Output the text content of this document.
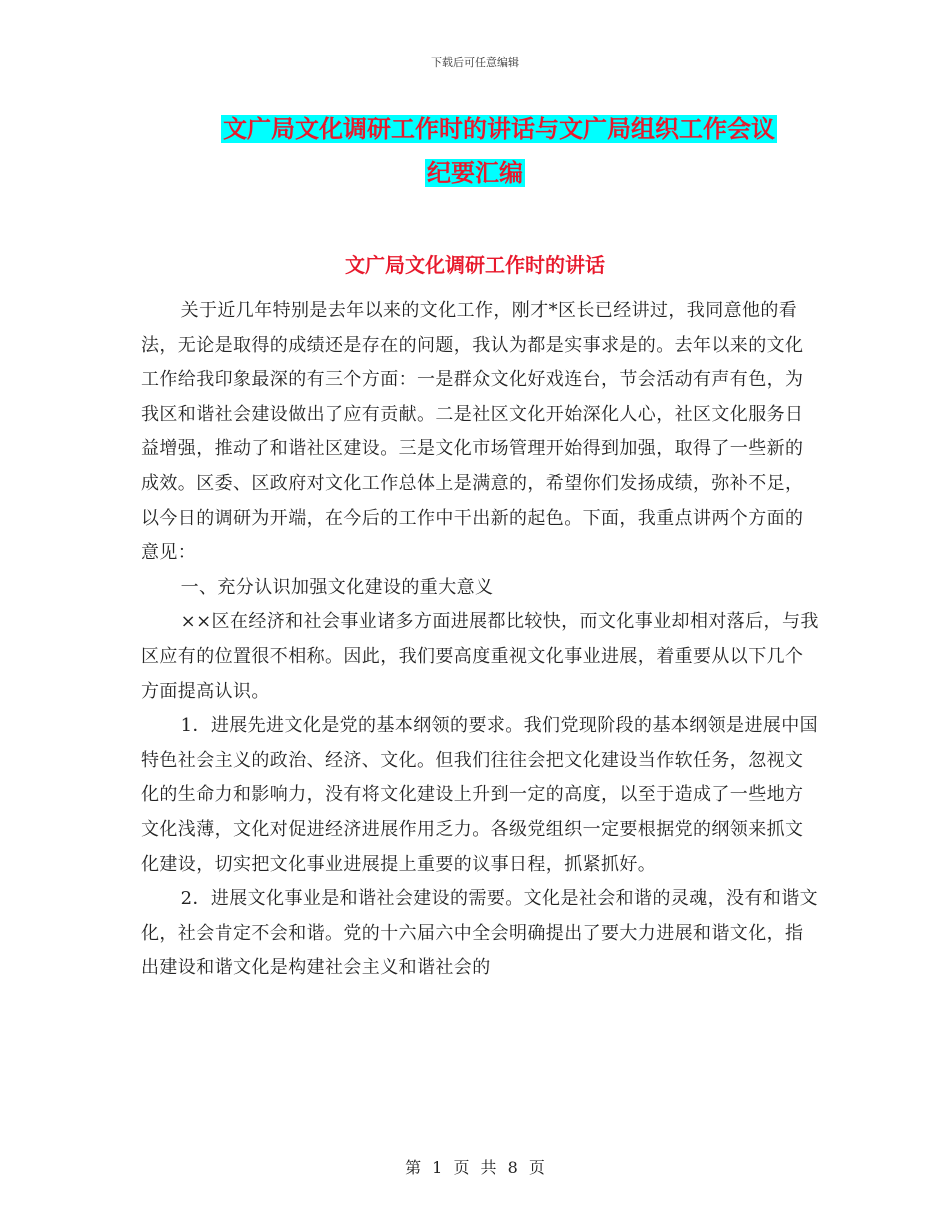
下载后可任意编辑
文广局文化调研工作时的讲话与文广局组织工作会议
纪要汇编
文广局文化调研工作时的讲话

关于近几年特别是去年以来的文化工作，刚才*区长已经讲过，我同意他的看法，无论是取得的成绩还是存在的问题，我认为都是实事求是的。去年以来的文化工作给我印象最深的有三个方面：一是群众文化好戏连台，节会活动有声有色，为我区和谐社会建设做出了应有贡献。二是社区文化开始深化人心，社区文化服务日益增强，推动了和谐社区建设。三是文化市场管理开始得到加强，取得了一些新的成效。区委、区政府对文化工作总体上是满意的，希望你们发扬成绩，弥补不足，以今日的调研为开端，在今后的工作中干出新的起色。下面，我重点讲两个方面的意见：

一、充分认识加强文化建设的重大意义

××区在经济和社会事业诸多方面进展都比较快，而文化事业却相对落后，与我区应有的位置很不相称。因此，我们要高度重视文化事业进展，着重要从以下几个方面提高认识。

1．进展先进文化是党的基本纲领的要求。我们党现阶段的基本纲领是进展中国特色社会主义的政治、经济、文化。但我们往往会把文化建设当作软任务，忽视文化的生命力和影响力，没有将文化建设上升到一定的高度，以至于造成了一些地方文化浅薄，文化对促进经济进展作用乏力。各级党组织一定要根据党的纲领来抓文化建设，切实把文化事业进展提上重要的议事日程，抓紧抓好。

2．进展文化事业是和谐社会建设的需要。文化是社会和谐的灵魂，没有和谐文化，社会肯定不会和谐。党的十六届六中全会明确提出了要大力进展和谐文化，指出建设和谐文化是构建社会主义和谐社会的

第 1 页 共 8 页
